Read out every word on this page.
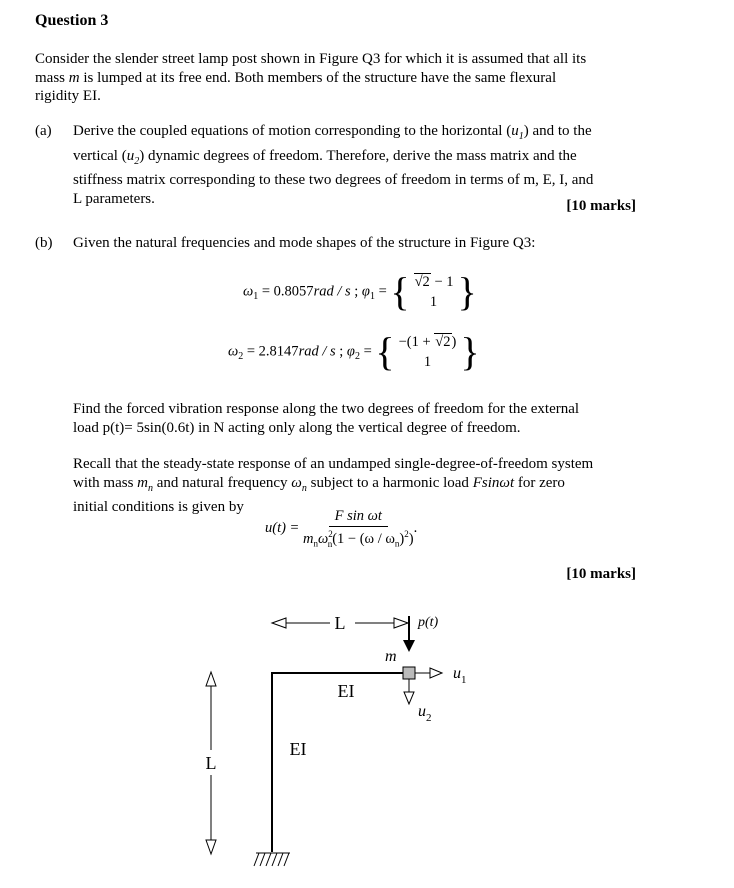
Question 3
Consider the slender street lamp post shown in Figure Q3 for which it is assumed that all its
mass m is lumped at its free end. Both members of the structure have the same flexural
rigidity EI.
(a) Derive the coupled equations of motion corresponding to the horizontal $(u_1)$ and to the
vertical $(u_2)$ dynamic degrees of freedom. Therefore, derive the mass matrix and the
stiffness matrix corresponding to these two degrees of freedom in terms of m, E, I, and
L parameters.	[10 marks]
(b) Given the natural frequencies and mode shapes of the structure in Figure Q3:
$\omega_1 = 0.8057rad / s$ ; $\varphi_1$ = { √2 − 1
1 }
$\omega_2 = 2.8147rad / s$ ; $\varphi_2$ = { −(1 + √2)
1 }
Find the forced vibration response along the two degrees of freedom for the external
load p(t)= 5sin(0.6t) in N acting only along the vertical degree of freedom.
Recall that the steady-state response of an undamped single-degree-of-freedom system
with mass $m_n$ and natural frequency $\omega_n$ subject to a harmonic load Fsinωt for zero
initial conditions is given by
$u(t) = \frac{\text{F sin ωt}}{m_n\omega^2_n(1 - (\omega / \omega_n)^2)}$ .
[10 marks]
L	p(t)
m
$u_1$
$u_2$
EI
EI
L
